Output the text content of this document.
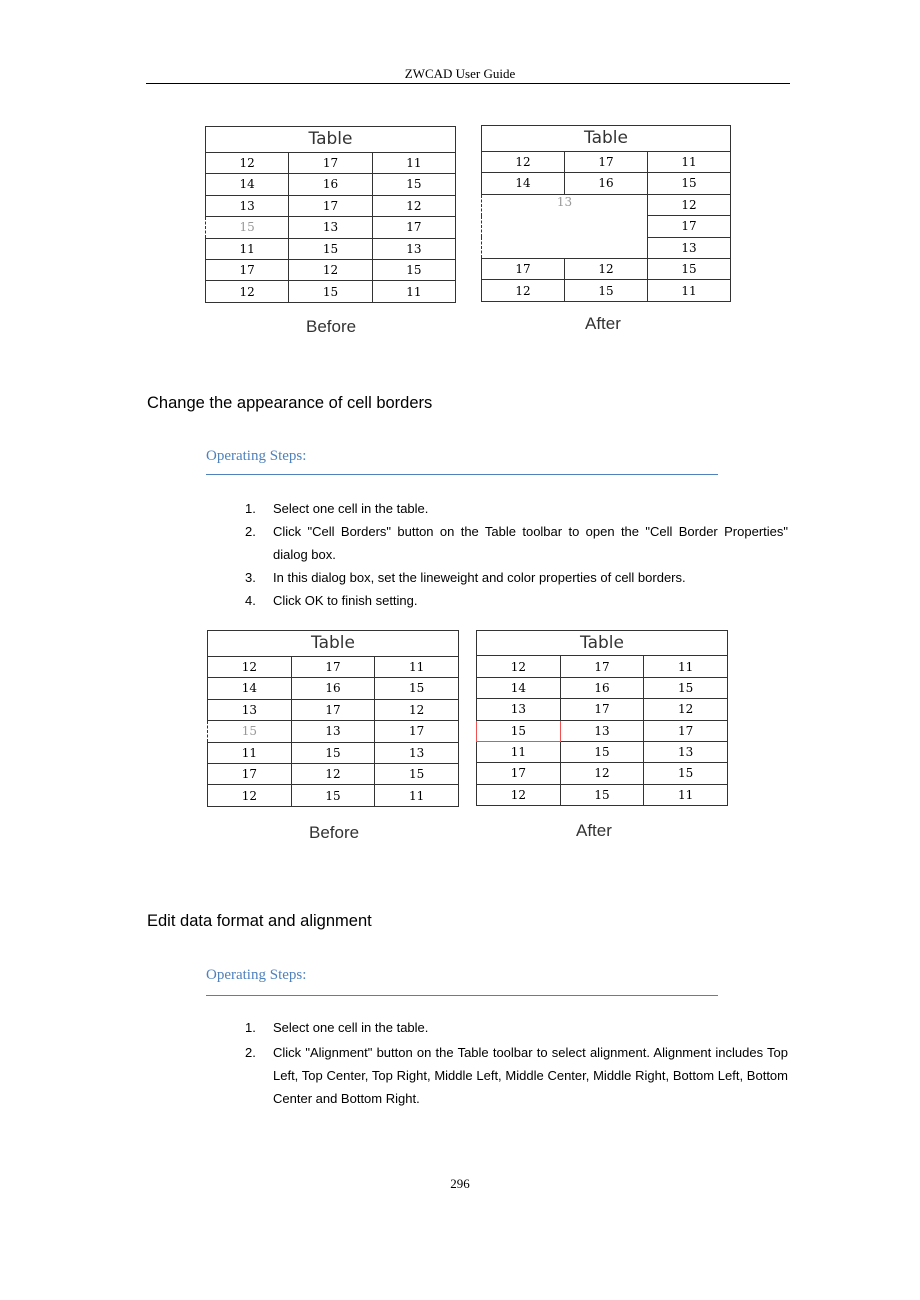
ZWCAD User Guide
Table		
12	17	11
14	16	15
13	17	12
15	13	17
11	15	13
17	12	15
12	15	11
Table		
12	17	11
14	16	15
13		12
		17
		13
17	12	15
12	15	11
Before	After
Change the appearance of cell borders
Operating Steps:
1. Select one cell in the table.
2. Click "Cell Borders" button on the Table toolbar to open the "Cell Border Properties" dialog box.
3. In this dialog box, set the lineweight and color properties of cell borders.
4. Click OK to finish setting.
Table		
12	17	11
14	16	15
13	17	12
15	13	17
11	15	13
17	12	15
12	15	11
Table		
12	17	11
14	16	15
13	17	12
15	13	17
11	15	13
17	12	15
12	15	11
Before	After
Edit data format and alignment
Operating Steps:
1. Select one cell in the table.
2. Click "Alignment" button on the Table toolbar to select alignment. Alignment includes Top Left, Top Center, Top Right, Middle Left, Middle Center, Middle Right, Bottom Left, Bottom Center and Bottom Right.
296
